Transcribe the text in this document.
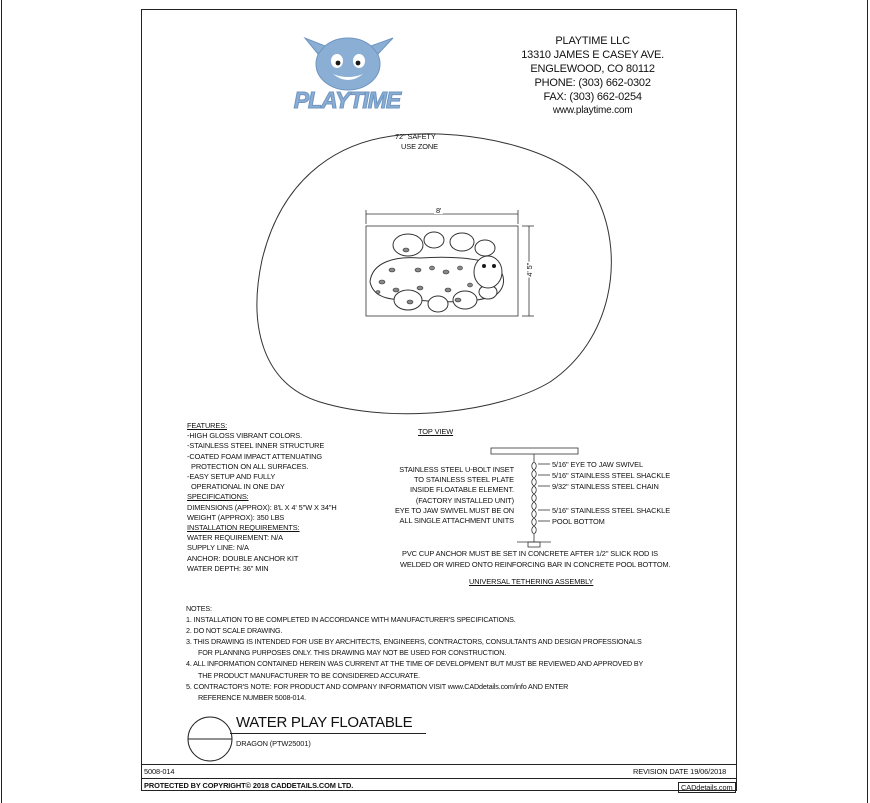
PLAYTIME
PLAYTIME LLC
13310 JAMES E CASEY AVE.
ENGLEWOOD, CO 80112
PHONE: (303) 662-0302
FAX: (303) 662-0254
www.playtime.com
72" SAFETY
USE ZONE
8'
4' 5"
TOP VIEW
FEATURES:
-HIGH GLOSS VIBRANT COLORS.
-STAINLESS STEEL INNER STRUCTURE
-COATED FOAM IMPACT ATTENUATING
PROTECTION ON ALL SURFACES.
-EASY SETUP AND FULLY
OPERATIONAL IN ONE DAY
SPECIFICATIONS:
DIMENSIONS (APPROX): 8'L X 4' 5"W X 34"H
WEIGHT (APPROX): 350 LBS
INSTALLATION REQUIREMENTS:
WATER REQUIREMENT: N/A
SUPPLY LINE: N/A
ANCHOR: DOUBLE ANCHOR KIT
WATER DEPTH: 36" MIN
STAINLESS STEEL U-BOLT INSET
TO STAINLESS STEEL PLATE
INSIDE FLOATABLE ELEMENT.
(FACTORY INSTALLED UNIT)
EYE TO JAW SWIVEL MUST BE ON
ALL SINGLE ATTACHMENT UNITS
5/16" EYE TO JAW SWIVEL
5/16" STAINLESS STEEL SHACKLE
9/32" STAINLESS STEEL CHAIN
5/16" STAINLESS STEEL SHACKLE
POOL BOTTOM
PVC CUP ANCHOR MUST BE SET IN CONCRETE AFTER 1/2" SLICK ROD IS
WELDED OR WIRED ONTO REINFORCING BAR IN CONCRETE POOL BOTTOM.
UNIVERSAL TETHERING ASSEMBLY
NOTES:
1. INSTALLATION TO BE COMPLETED IN ACCORDANCE WITH MANUFACTURER'S SPECIFICATIONS.
2. DO NOT SCALE DRAWING.
3. THIS DRAWING IS INTENDED FOR USE BY ARCHITECTS, ENGINEERS, CONTRACTORS, CONSULTANTS AND DESIGN PROFESSIONALS
FOR PLANNING PURPOSES ONLY. THIS DRAWING MAY NOT BE USED FOR CONSTRUCTION.
4. ALL INFORMATION CONTAINED HEREIN WAS CURRENT AT THE TIME OF DEVELOPMENT BUT MUST BE REVIEWED AND APPROVED BY
THE PRODUCT MANUFACTURER TO BE CONSIDERED ACCURATE.
5. CONTRACTOR'S NOTE: FOR PRODUCT AND COMPANY INFORMATION VISIT www.CADdetails.com/info AND ENTER
REFERENCE NUMBER 5008-014.
WATER PLAY FLOATABLE
DRAGON (PTW25001)
5008-014	REVISION DATE 19/06/2018
PROTECTED BY COPYRIGHT© 2018 CADDETAILS.COM LTD.	CADdetails.com
